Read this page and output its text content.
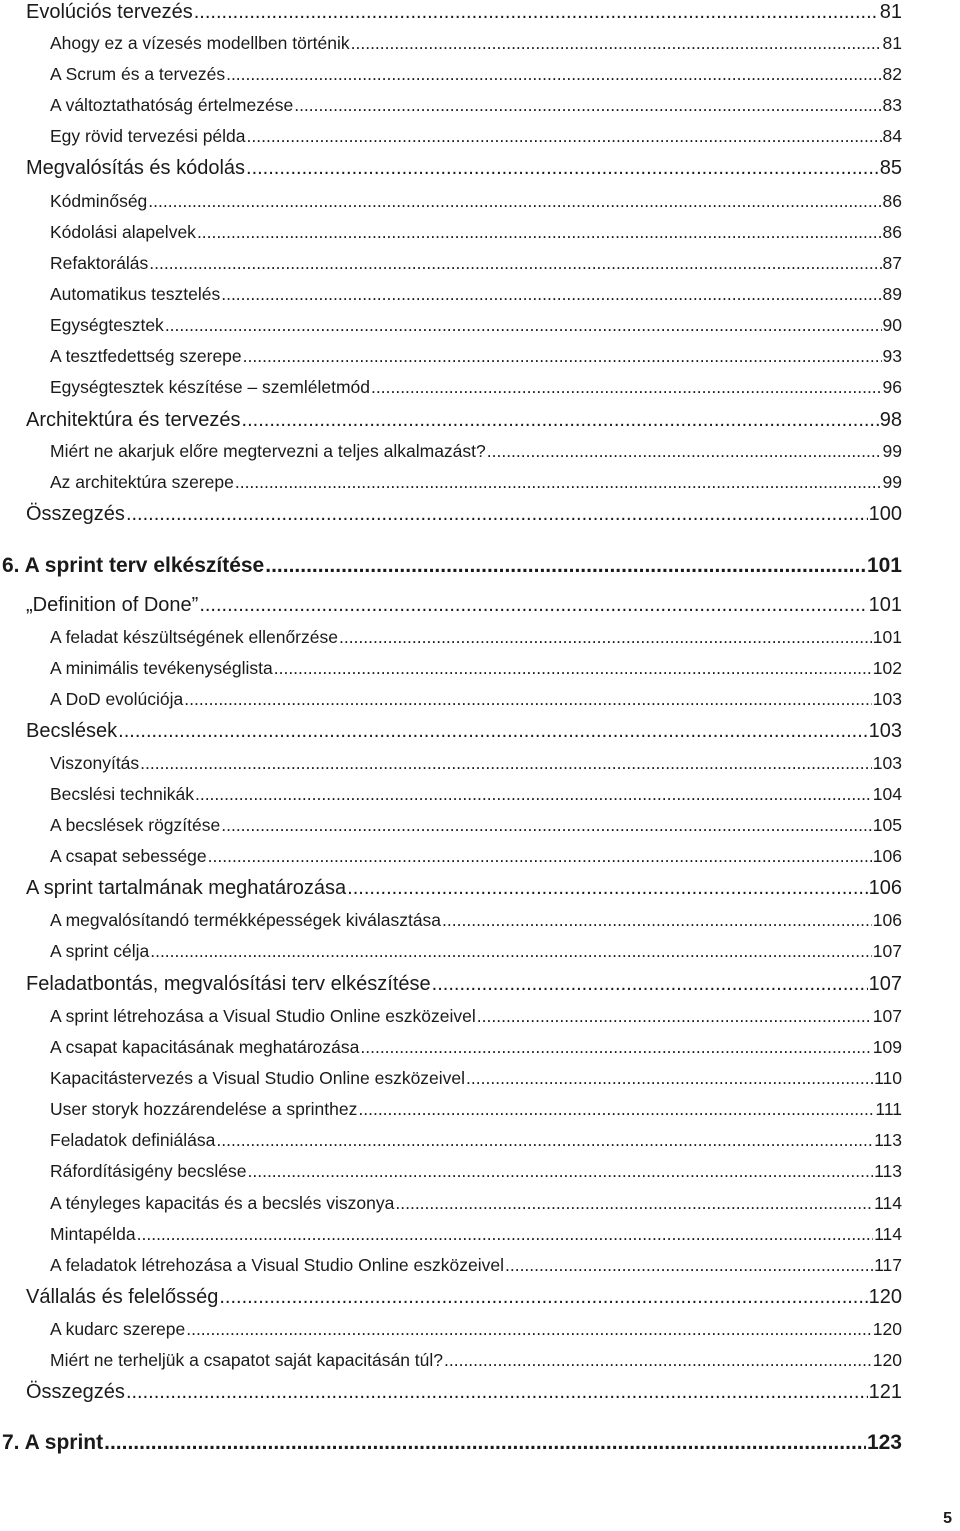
Evolúciós tervezés .....	81
Ahogy ez a vízesés modellben történik .....	81
A Scrum és a tervezés .....	82
A változtathatóság értelmezése .....	83
Egy rövid tervezési példa .....	84
Megvalósítás és kódolás .....	85
Kódminőség .....	86
Kódolási alapelvek .....	86
Refaktorálás .....	87
Automatikus tesztelés .....	89
Egységtesztek .....	90
A tesztfedettség szerepe .....	93
Egységtesztek készítése – szemléletmód .....	96
Architektúra és tervezés .....	98
Miért ne akarjuk előre megtervezni a teljes alkalmazást? .....	99
Az architektúra szerepe .....	99
Összegzés .....	100
6. A sprint terv elkészítése .....	101
„Definition of Done” .....	101
A feladat készültségének ellenőrzése .....	101
A minimális tevékenységlista .....	102
A DoD evolúciója .....	103
Becslések .....	103
Viszonyítás .....	103
Becslési technikák .....	104
A becslések rögzítése .....	105
A csapat sebessége .....	106
A sprint tartalmának meghatározása .....	106
A megvalósítandó termékképességek kiválasztása .....	106
A sprint célja .....	107
Feladatbontás, megvalósítási terv elkészítése .....	107
A sprint létrehozása a Visual Studio Online eszközeivel .....	107
A csapat kapacitásának meghatározása .....	109
Kapacitástervezés a Visual Studio Online eszközeivel .....	110
User storyk hozzárendelése a sprinthez .....	111
Feladatok definiálása .....	113
Ráfordításigény becslése .....	113
A tényleges kapacitás és a becslés viszonya .....	114
Mintapélda .....	114
A feladatok létrehozása a Visual Studio Online eszközeivel .....	117
Vállalás és felelősség .....	120
A kudarc szerepe .....	120
Miért ne terheljük a csapatot saját kapacitásán túl? .....	120
Összegzés .....	121
7. A sprint .....	123
5
